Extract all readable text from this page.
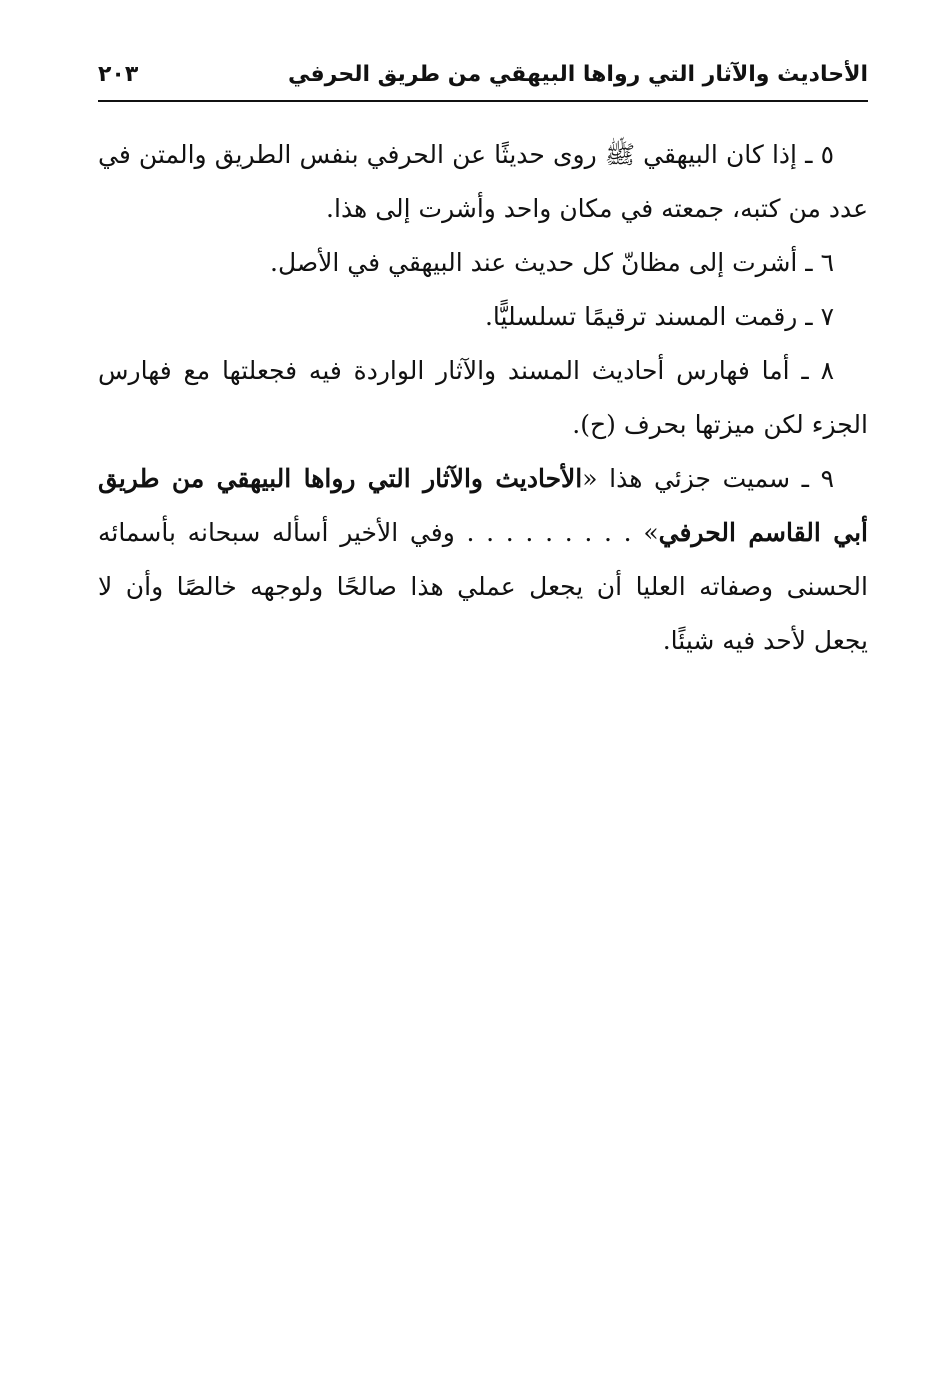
الأحاديث والآثار التي رواها البيهقي من طريق الحرفي
٢٠٣

٥ ـ إذا كان البيهقي ﷺ روى حديثًا عن الحرفي بنفس الطريق والمتن في عدد من كتبه، جمعته في مكان واحد وأشرت إلى هذا.

٦ ـ أشرت إلى مظانّ كل حديث عند البيهقي في الأصل.

٧ ـ رقمت المسند ترقيمًا تسلسليًّا.

٨ ـ أما فهارس أحاديث المسند والآثار الواردة فيه فجعلتها مع فهارس الجزء لكن ميزتها بحرف (ح).

٩ ـ سميت جزئي هذا «الأحاديث والآثار التي رواها البيهقي من طريق أبي القاسم الحرفي» . . . . . . . . . وفي الأخير أسأله سبحانه بأسمائه الحسنى وصفاته العليا أن يجعل عملي هذا صالحًا ولوجهه خالصًا وأن لا يجعل لأحد فيه شيئًا.
